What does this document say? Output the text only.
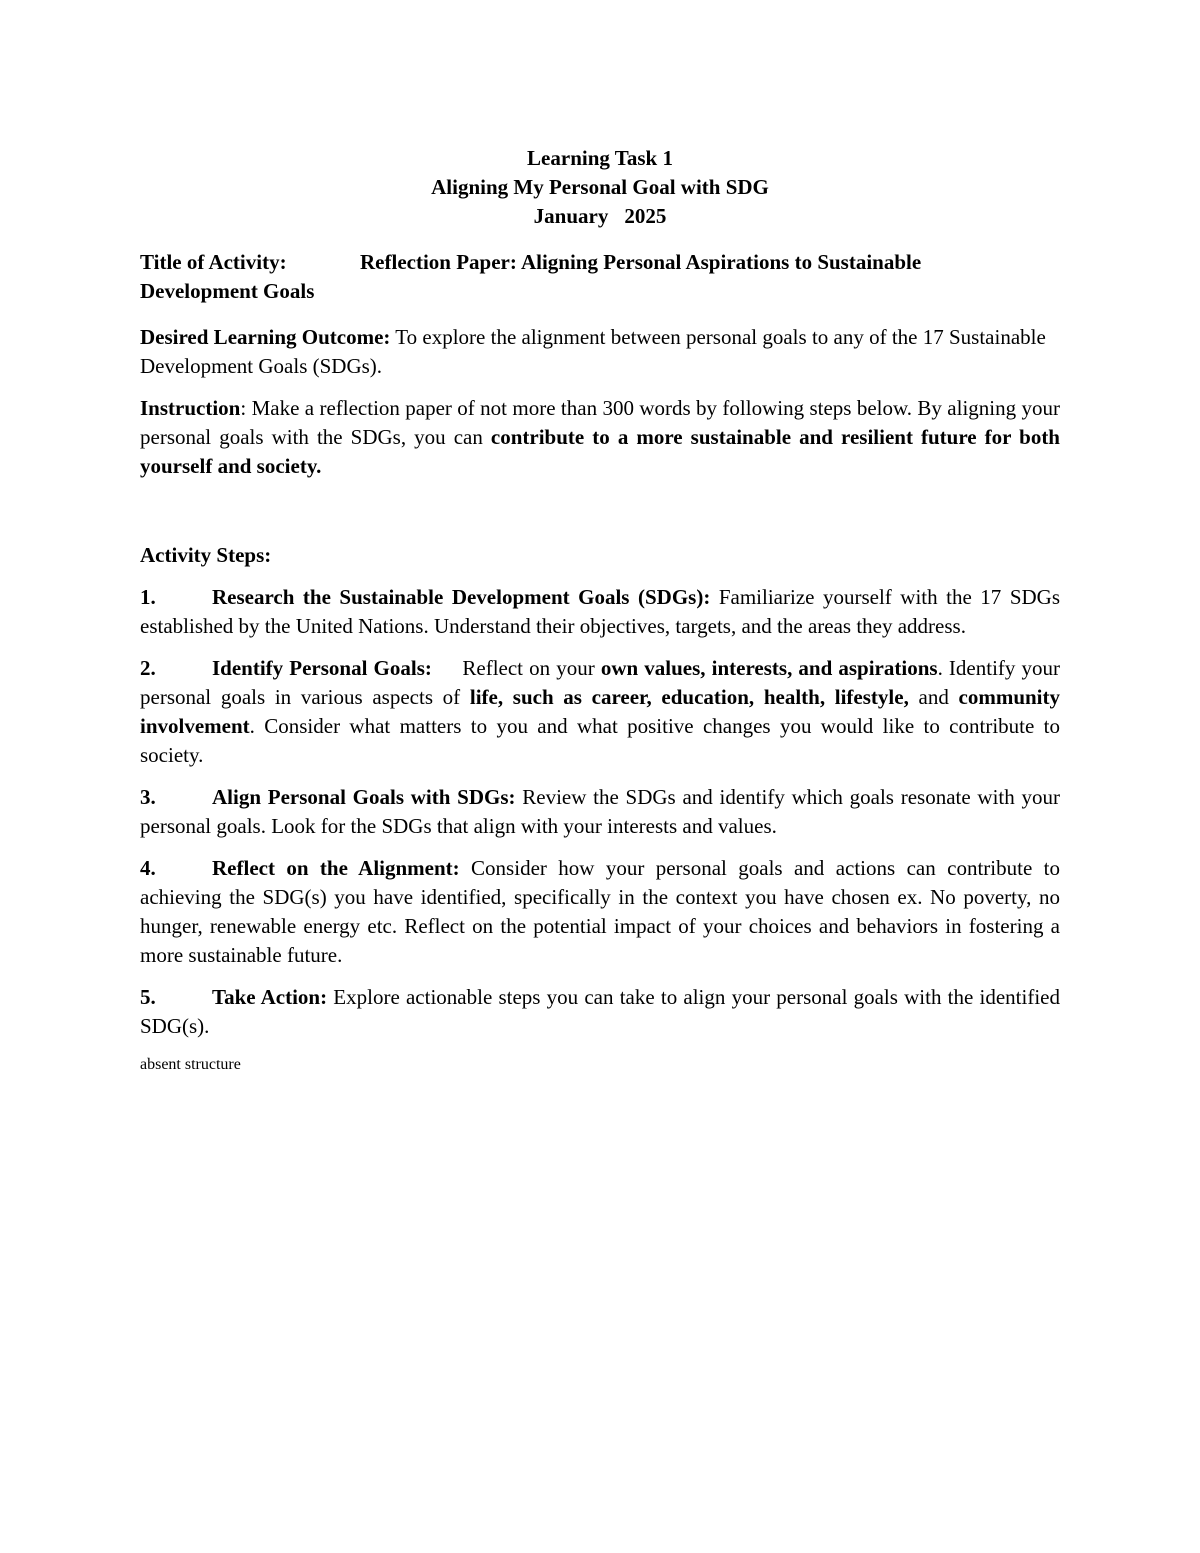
Learning Task 1
Aligning My Personal Goal with SDG
January 2025
Title of Activity:	Reflection Paper: Aligning Personal Aspirations to Sustainable
Development Goals
Desired Learning Outcome: To explore the alignment between personal goals to any of the 17 Sustainable Development Goals (SDGs).
Instruction: Make a reflection paper of not more than 300 words by following steps below. By aligning your personal goals with the SDGs, you can contribute to a more sustainable and resilient future for both yourself and society.
Activity Steps:
1.	Research the Sustainable Development Goals (SDGs): Familiarize yourself with the 17 SDGs established by the United Nations. Understand their objectives, targets, and the areas they address.
2.	Identify Personal Goals:     Reflect on your own values, interests, and aspirations. Identify your personal goals in various aspects of life, such as career, education, health, lifestyle, and community involvement. Consider what matters to you and what positive changes you would like to contribute to society.
3.	Align Personal Goals with SDGs: Review the SDGs and identify which goals resonate with your personal goals. Look for the SDGs that align with your interests and values.
4.	Reflect on the Alignment: Consider how your personal goals and actions can contribute to achieving the SDG(s) you have identified, specifically in the context you have chosen ex. No poverty, no hunger, renewable energy etc. Reflect on the potential impact of your choices and behaviors in fostering a more sustainable future.
5.	Take Action: Explore actionable steps you can take to align your personal goals with the identified SDG(s).
absent structure
